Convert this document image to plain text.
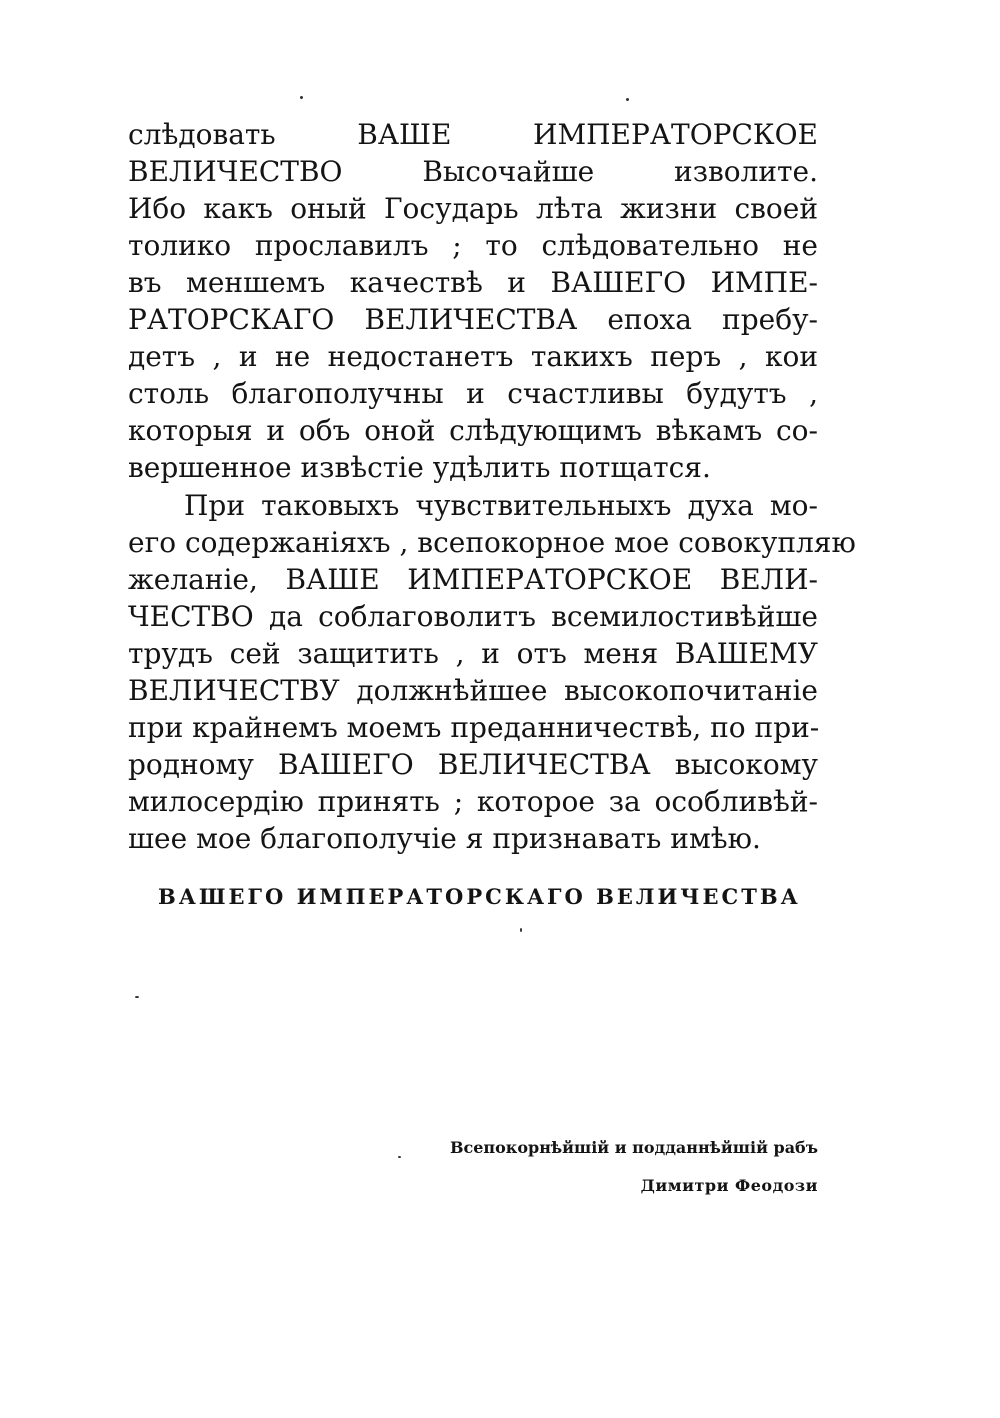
слѣдовать ВАШЕ ИМПЕРАТОРСКОЕ
ВЕЛИЧЕСТВО Высочайше изволите.
Ибо какъ оный Государь лѣта жизни своей
толико прославилъ ; то слѣдовательно не
въ меншемъ качествѣ и ВАШЕГО ИМПЕ-
РАТОРСКАГО ВЕЛИЧЕСТВА епоха пребу-
детъ , и не недостанетъ такихъ перъ , кои
столь благополучны и счастливы будутъ ,
которыя и объ оной слѣдующимъ вѣкамъ со-
вершенное извѣстіе удѣлить потщатся.
При таковыхъ чувствительныхъ духа мо-
его содержаніяхъ , всепокорное мое совокупляю
желаніе, ВАШЕ ИМПЕРАТОРСКОЕ ВЕЛИ-
ЧЕСТВО да соблаговолитъ всемилостивѣйше
трудъ сей защитить , и отъ меня ВАШЕМУ
ВЕЛИЧЕСТВУ должнѣйшее высокопочитаніе
при крайнемъ моемъ преданничествѣ, по при-
родному ВАШЕГО ВЕЛИЧЕСТВА высокому
милосердію принять ; которое за особливѣй-
шее мое благополучіе я признавать имѣю.
ВАШЕГО ИМПЕРАТОРСКАГО ВЕЛИЧЕСТВА
Всепокорнѣйшій и подданнѣйшій рабъ
Димитри Феодози
